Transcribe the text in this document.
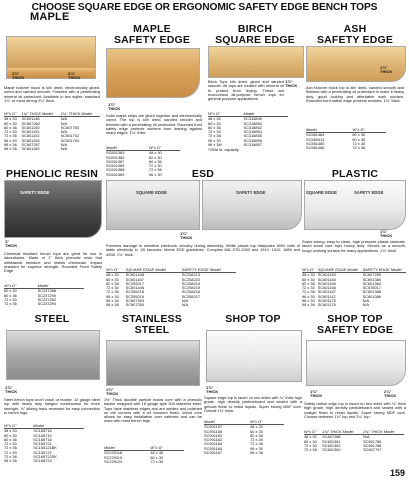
CHOOSE SQUARE EDGE OR ERGONOMIC SAFETY EDGE BENCH TOPS
MAPLE
1¾"
THICK
2¼"
THICK
Maple butcher block is kiln dried, electronically glued, cured and sanded smooth. Finished with a penetrating mineral oil protectant. Available in two styles: standard 1¾" or extra strong 2¼" thick.
W"x D"	1¾" THICK Model	2¼" THICK Model
48 x 30	SC601148	N/A
60 x 30	SC607260	N/A
60 x 36	SC601150	SC607763
72 x 30	SC601151	N/A
72 x 36	SC601152	SC601702
96 x 30	SC601153	SC601704
96 x 36	SC607287	N/A
96 x 36	SC601160	N/A
MAPLE
SAFETY EDGE
1¾"
THICK
Solid maple strips are glued together and electronically cured. The top is kiln dried, sanded smooth and finished with a penetrating oil protectant. Rounded front safety edge protects workers from leaning against sharp edges. 1¾" thick.
Model	W"x D"
SC601363	48 x 30
SC601365	60 x 30
SC601367	60 x 36
SC601365	72 x 30
SC601368	72 x 36
SC601369	96 x 30
BIRCH
SQUARE EDGE
1¾"
THICK
Birch Tops kiln dried, glued and sanded smooth. All tops are treated with mineral oil to protect from drying. These are economical all-purpose bench tops for general purpose applications.
W"x D"	Model
48 x 30	SC318849
60 x 30	SC318850
60 x 36	SC318852
72 x 30	SC318854
72 x 36	SC318855
96 x 30	SC318856
96 x 36*	SC318857
*200# lb. capacity
ASH
SAFETY EDGE
1¾"
THICK
Ash butcher block top is kiln dried, sanded smooth and finished with a penetrating oil protectant to make it heavy duty, good looking and affordable work surface. Rounded front safety edge protects workers. 1¾" thick.
Model	W"x D"
SC561464	60 x 30
SC560414	60 x 36
SC561465	72 x 30
SC561466	72 x 36
PHENOLIC RESIN
SAFETY EDGE
1"
THICK
Chemical resistant bench tops are great for use in laboratories. Made of 1" thick phenolic resin that withstands moisture and resists chemicals. Impact resistant for superior strength. Rounded Front Safety Edge.
W"x D"	Model
60 x 30	SC237288
60 x 36	SC237290
72 x 30	SC237282
72 x 36	SC237294
ESD
SQUARE EDGE	SAFETY EDGE
1¾"
THICK
Prevents damage to sensitive electronic circuitry during assembly. White plastic top dissipates 5000 volts of static electricity in .05 seconds. Meets ESD guidelines. Complies MIL-STD-2000 and 1910, 1910, 1686 and 4398. 1¾" thick.
W"x D"	SQUARE EDGE Model	SAFETY EDGE Model
48 x 30	SC601448	SC258213
60 x 30	SC601447	SC258223
60 x 36	SC255217	SC258214
72 x 30	SC601446	SC258215
72 x 36	SC255218	SC258216
96 x 30	SC255219	SC258217
96 x 36	SC607393	N/A
96 x 36	SC607250	N/A
PLASTIC
SQUARE EDGE	SAFETY EDGE
1¾"
THICK
Super-strong, easy to clean, high pressure plastic laminate-faced wood core tops heavy duty. Serves as a smooth, tough working surface for many applications. 1¾" thick.
W"x D"	SQUARE EDGE Model	SAFETY EDGE Model
48 x 30	SC601163	SC607289
60 x 30	SC601164	SC601384
60 x 36	SC601165	SC601384
72 x 30	SC601166	SC578017
72 x 36	SC601167	SC601388
96 x 30	SC601112	SC601386
96 x 30	SC601175	N/A
96 x 36	SC601176	N/A
STEEL
1¾"
THICK
Steel bench tops won't crack or buckle. 12 gauge steel top with heavy duty flanged construction for more strength. ¾" sliding track recessed for easy connection to bench legs.
W"x D"	Model
48 x 30	SC165718
60 x 30	SC165719
60 x 36	SC165716
72 x 30	SC165721
72 x 36	SC165121BK
72 x 30	SC165722
72 x 36	SC165722SK
96 x 36	SC165723
STAINLESS
STEEL
1¾"
THICK
1½" Thick durable particle board core with a phenolic backer wrapped with 16 gauge type 304 stainless steel. Tops have stainless edges and are welded and polished on the corners with a #4 brushed finish. Wood core allows for easy installation over cabinets and can be used with most bench legs.
Model	W"x D"
SC229118	48 x 30
SC229119	60 x 30
SC229120	72 x 30
SHOP TOP
1¾"
THICK
Square edge top is faced on two sides with ¾" thick high grade, high density particleboard and sealed with a gelcoat finish to resist liquids. Super strong MDF core. Overall 1¾" thick.
Model	W"x D"
SC901157	48 x 30
SC901158	60 x 30
SC901160	60 x 36
SC901162	72 x 30
SC901164	72 x 36
SC901165	96 x 30
SC901167	96 x 36
SHOP TOP
SAFETY EDGE
1¾"
THICK
2¼"
THICK
Safety radius edge top is faced on two sides with ¾" thick high grade, high density particleboard and sealed with a coatgel finish to resist liquids. Super strong MDF core. Choose between 1¾" top and 2¼" top.
W"x D"	1¾" THICK Model	2¼" THICK Model
48 x 30	SC607288	N/A
60 x 30	SC601361	SC601785
72 x 30	SC601362	SC601786
72 x 36	SC601362	SC607797
159
